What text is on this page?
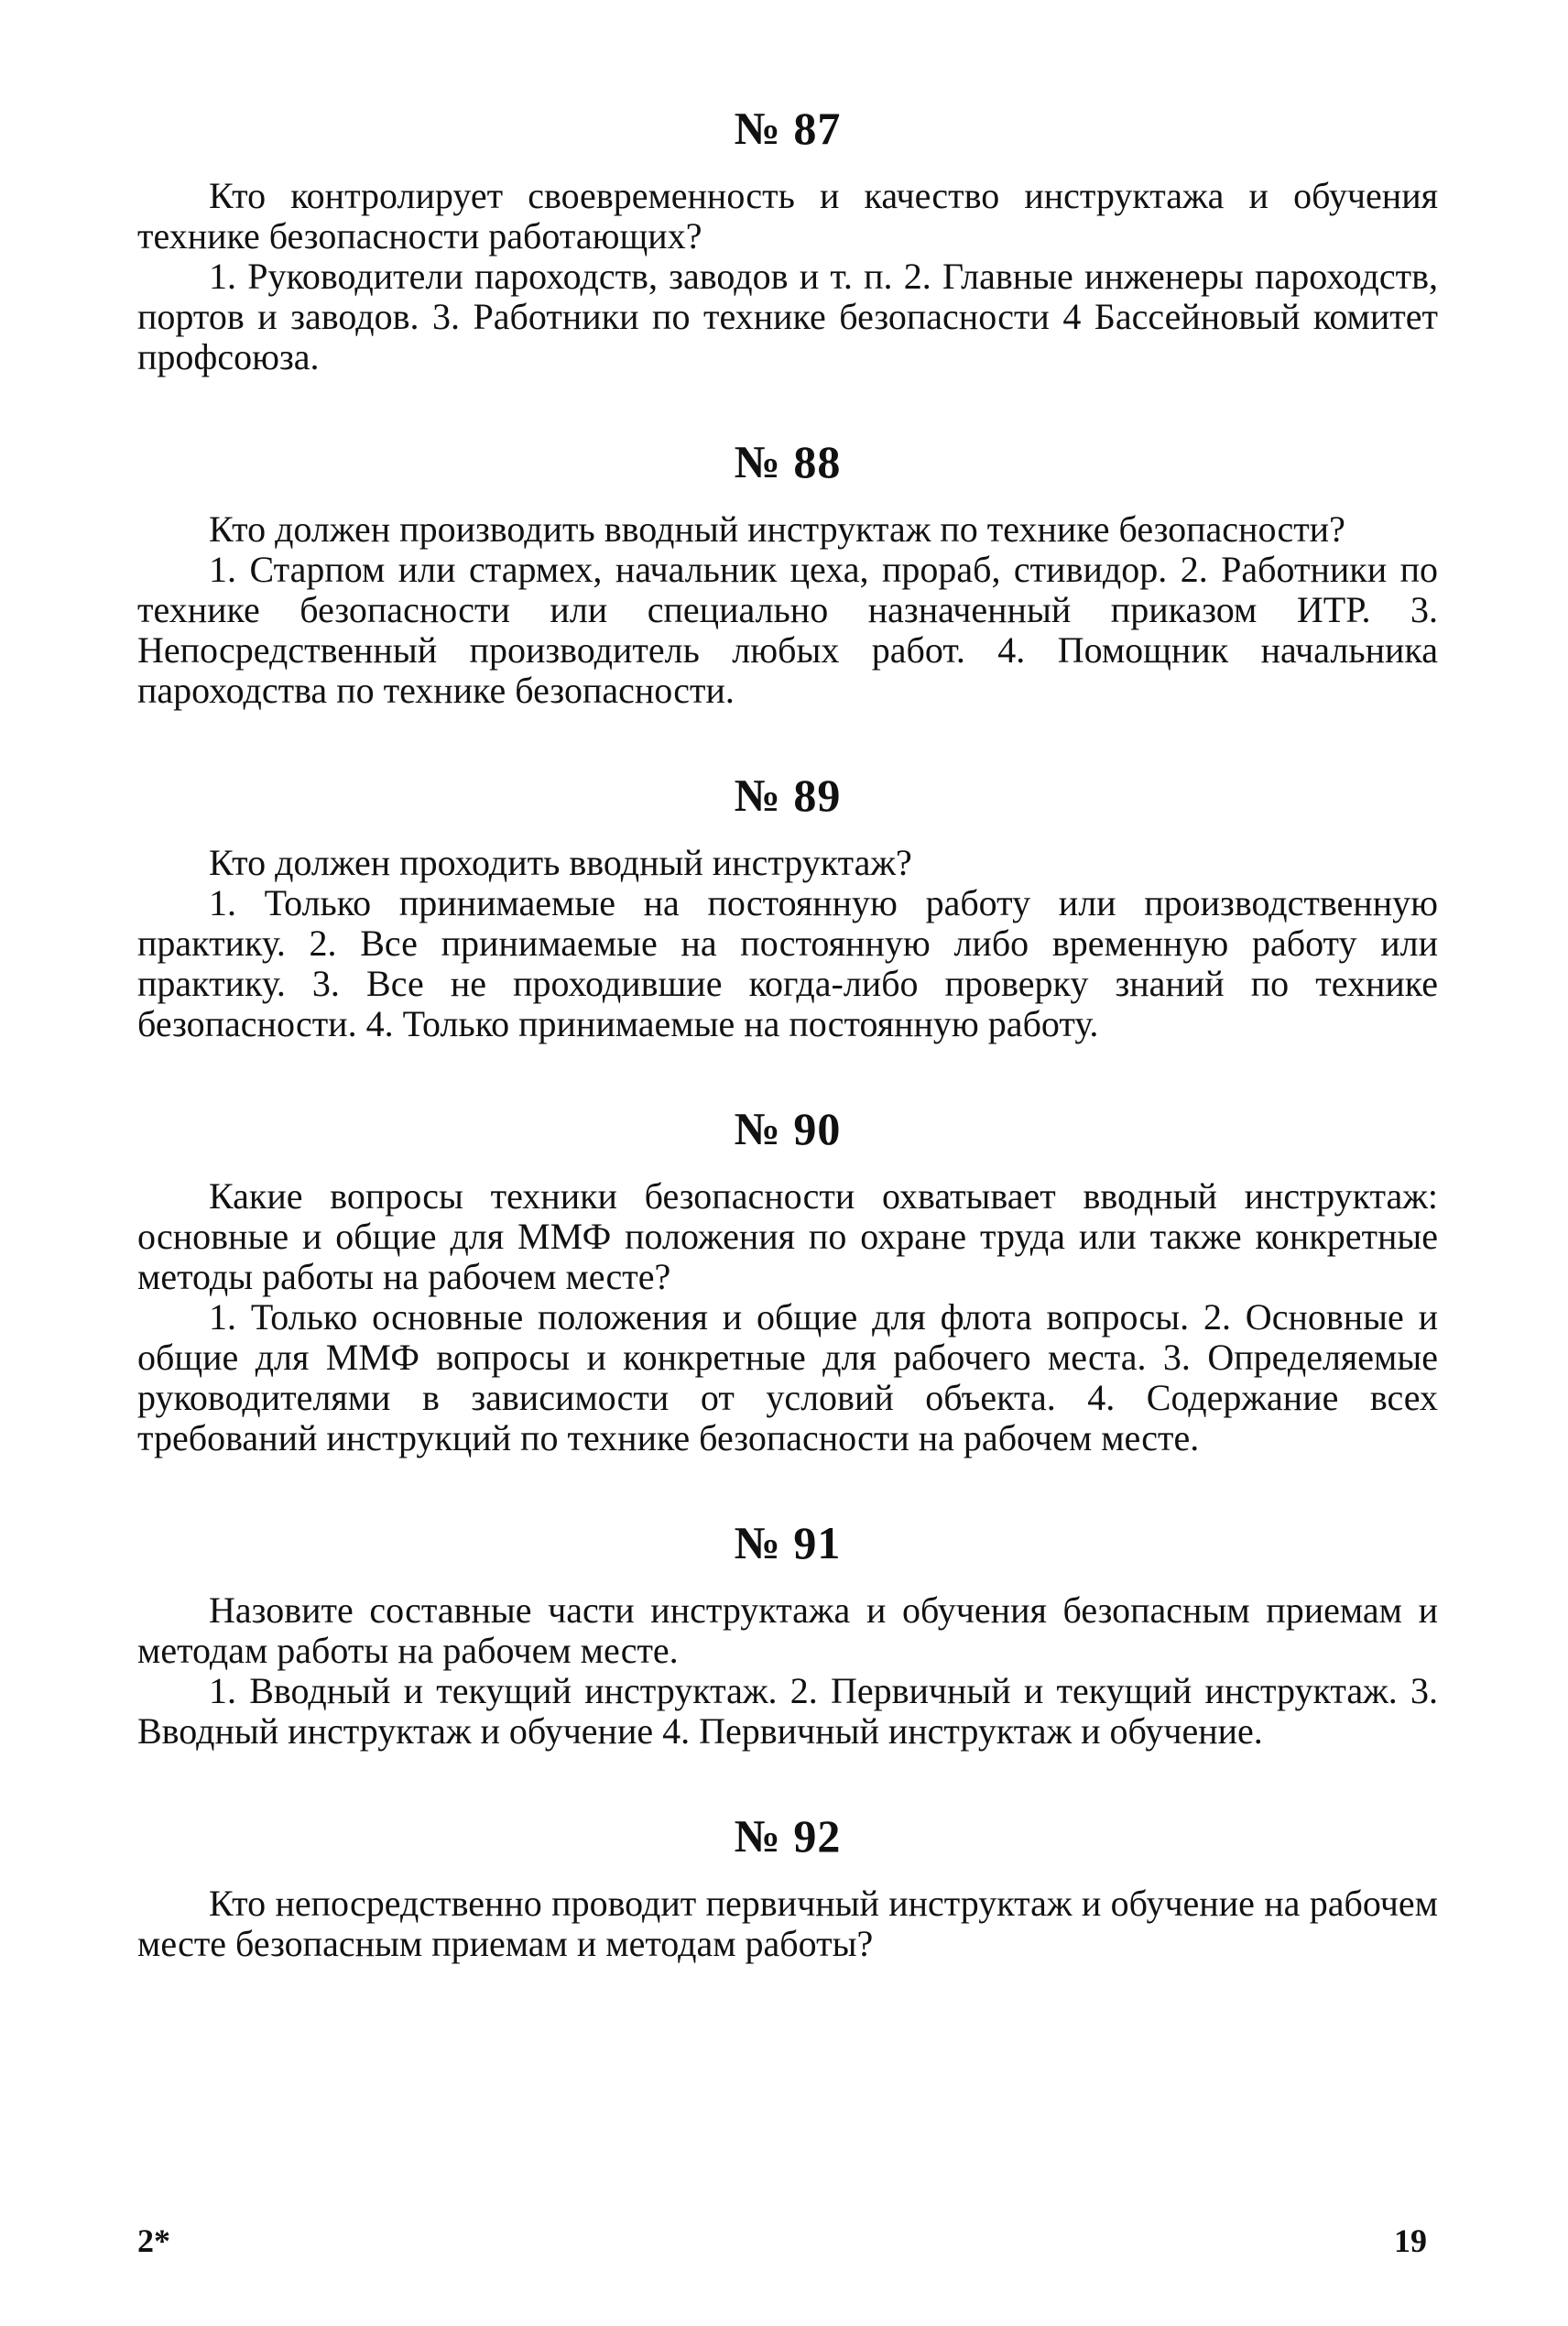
№ 87

Кто контролирует своевременность и качество инструктажа и обучения технике безопасности работающих?

1. Руководители пароходств, заводов и т. п. 2. Главные инженеры пароходств, портов и заводов. 3. Работники по технике безопасности 4 Бассейновый комитет профсоюза.

№ 88

Кто должен производить вводный инструктаж по технике безопасности?

1. Старпом или стармех, начальник цеха, прораб, стивидор. 2. Работники по технике безопасности или специально назначенный приказом ИТР. 3. Непосредственный производитель любых работ. 4. Помощник начальника пароходства по технике безопасности.

№ 89

Кто должен проходить вводный инструктаж?

1. Только принимаемые на постоянную работу или производственную практику. 2. Все принимаемые на постоянную либо временную работу или практику. 3. Все не проходившие когда-либо проверку знаний по технике безопасности. 4. Только принимаемые на постоянную работу.

№ 90

Какие вопросы техники безопасности охватывает вводный инструктаж: основные и общие для ММФ положения по охране труда или также конкретные методы работы на рабочем месте?

1. Только основные положения и общие для флота вопросы. 2. Основные и общие для ММФ вопросы и конкретные для рабочего места. 3. Определяемые руководителями в зависимости от условий объекта. 4. Содержание всех требований инструкций по технике безопасности на рабочем месте.

№ 91

Назовите составные части инструктажа и обучения безопасным приемам и методам работы на рабочем месте.

1. Вводный и текущий инструктаж. 2. Первичный и текущий инструктаж. 3. Вводный инструктаж и обучение 4. Первичный инструктаж и обучение.

№ 92

Кто непосредственно проводит первичный инструктаж и обучение на рабочем месте безопасным приемам и методам работы?

2*	19
